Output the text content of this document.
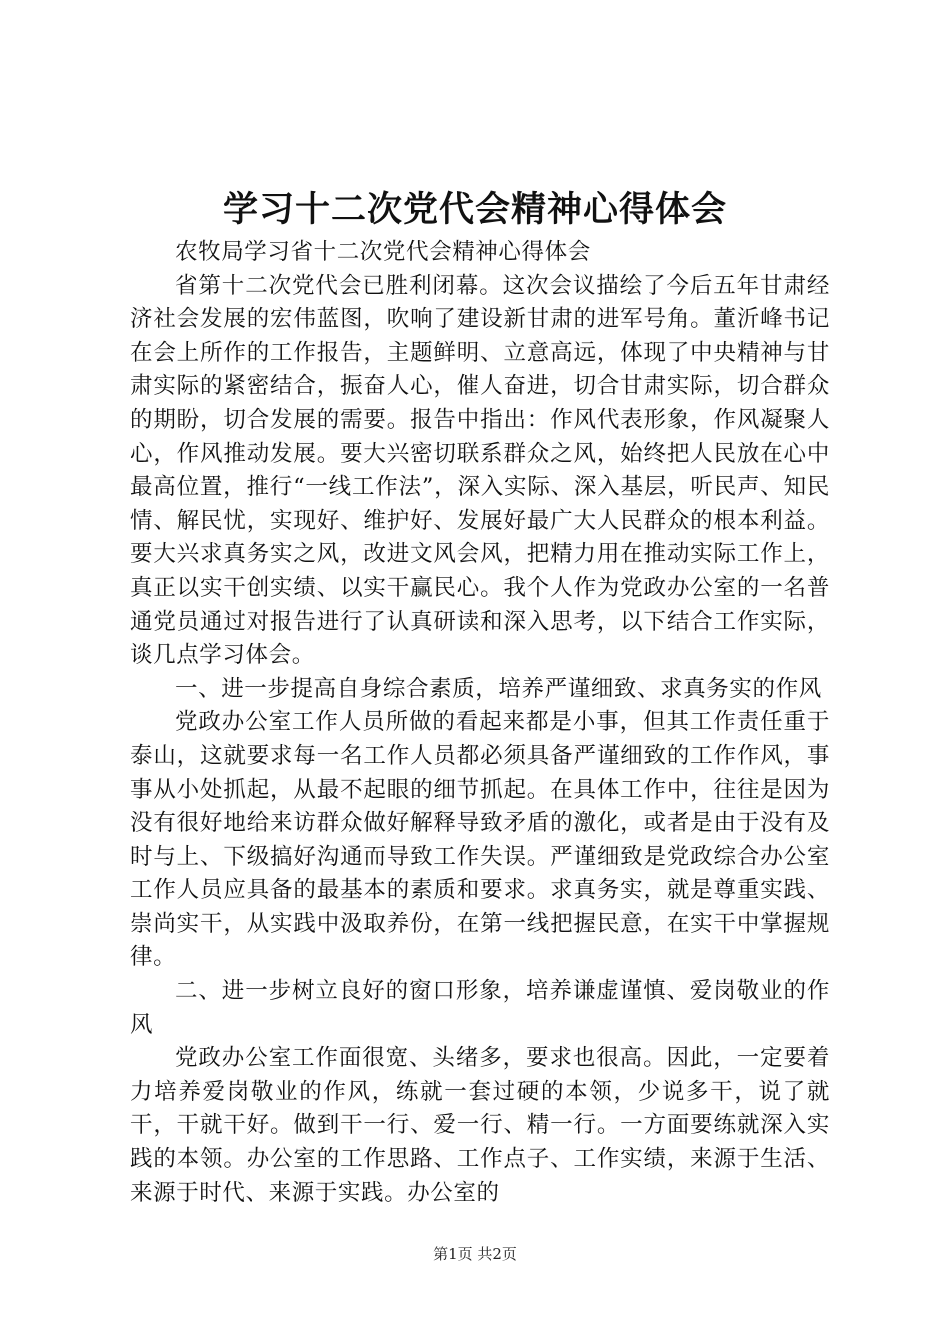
学习十二次党代会精神心得体会

农牧局学习省十二次党代会精神心得体会

省第十二次党代会已胜利闭幕。这次会议描绘了今后五年甘肃经济社会发展的宏伟蓝图，吹响了建设新甘肃的进军号角。董沂峰书记在会上所作的工作报告，主题鲜明、立意高远，体现了中央精神与甘肃实际的紧密结合，振奋人心，催人奋进，切合甘肃实际，切合群众的期盼，切合发展的需要。报告中指出：作风代表形象，作风凝聚人心，作风推动发展。要大兴密切联系群众之风，始终把人民放在心中最高位置，推行“一线工作法”，深入实际、深入基层，听民声、知民情、解民忧，实现好、维护好、发展好最广大人民群众的根本利益。要大兴求真务实之风，改进文风会风，把精力用在推动实际工作上，真正以实干创实绩、以实干赢民心。我个人作为党政办公室的一名普通党员通过对报告进行了认真研读和深入思考，以下结合工作实际，谈几点学习体会。

一、进一步提高自身综合素质，培养严谨细致、求真务实的作风

党政办公室工作人员所做的看起来都是小事，但其工作责任重于泰山，这就要求每一名工作人员都必须具备严谨细致的工作作风，事事从小处抓起，从最不起眼的细节抓起。在具体工作中，往往是因为没有很好地给来访群众做好解释导致矛盾的激化，或者是由于没有及时与上、下级搞好沟通而导致工作失误。严谨细致是党政综合办公室工作人员应具备的最基本的素质和要求。求真务实，就是尊重实践、崇尚实干，从实践中汲取养份，在第一线把握民意，在实干中掌握规律。

二、进一步树立良好的窗口形象，培养谦虚谨慎、爱岗敬业的作风

党政办公室工作面很宽、头绪多，要求也很高。因此，一定要着力培养爱岗敬业的作风，练就一套过硬的本领，少说多干，说了就干，干就干好。做到干一行、爱一行、精一行。一方面要练就深入实践的本领。办公室的工作思路、工作点子、工作实绩，来源于生活、来源于时代、来源于实践。办公室的

第1页 共2页
